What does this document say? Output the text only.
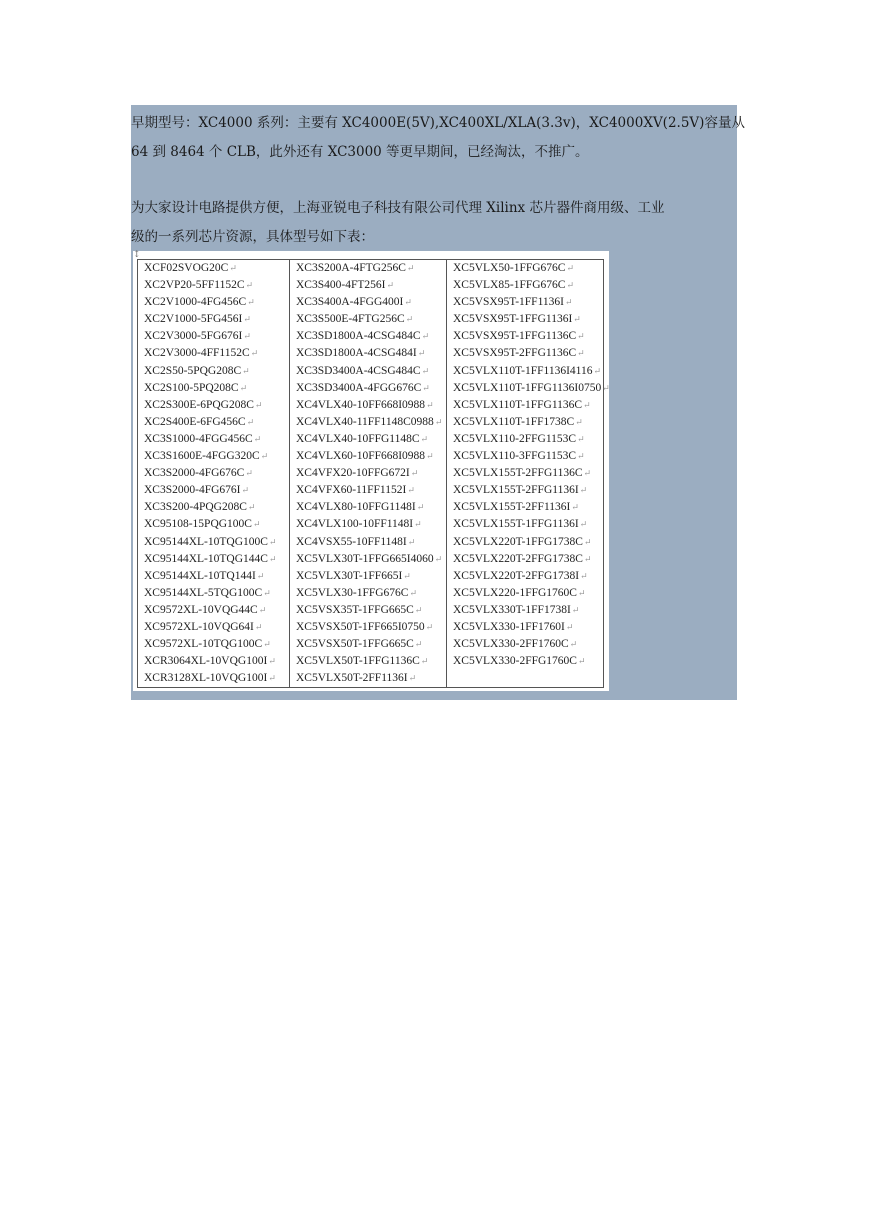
早期型号：XC4000 系列：主要有 XC4000E(5V),XC400XL/XLA(3.3v)，XC4000XV(2.5V)容量从
64 到 8464 个 CLB，此外还有 XC3000 等更早期间，已经淘汰，不推广。

为大家设计电路提供方便，上海亚锐电子科技有限公司代理 Xilinx 芯片器件商用级、工业
级的一系列芯片资源，具体型号如下表：

↕
XCF02SVOG20C↵	XC3S200A-4FTG256C↵	XC5VLX50-1FFG676C↵
XC2VP20-5FF1152C↵	XC3S400-4FT256I↵	XC5VLX85-1FFG676C↵
XC2V1000-4FG456C↵	XC3S400A-4FGG400I↵	XC5VSX95T-1FF1136I↵
XC2V1000-5FG456I↵	XC3S500E-4FTG256C↵	XC5VSX95T-1FFG1136I↵
XC2V3000-5FG676I↵	XC3SD1800A-4CSG484C↵	XC5VSX95T-1FFG1136C↵
XC2V3000-4FF1152C↵	XC3SD1800A-4CSG484I↵	XC5VSX95T-2FFG1136C↵
XC2S50-5PQG208C↵	XC3SD3400A-4CSG484C↵	XC5VLX110T-1FF1136I4116↵
XC2S100-5PQ208C↵	XC3SD3400A-4FGG676C↵	XC5VLX110T-1FFG1136I0750↵
XC2S300E-6PQG208C↵	XC4VLX40-10FF668I0988↵	XC5VLX110T-1FFG1136C↵
XC2S400E-6FG456C↵	XC4VLX40-11FF1148C0988↵	XC5VLX110T-1FF1738C↵
XC3S1000-4FGG456C↵	XC4VLX40-10FFG1148C↵	XC5VLX110-2FFG1153C↵
XC3S1600E-4FGG320C↵	XC4VLX60-10FF668I0988↵	XC5VLX110-3FFG1153C↵
XC3S2000-4FG676C↵	XC4VFX20-10FFG672I↵	XC5VLX155T-2FFG1136C↵
XC3S2000-4FG676I↵	XC4VFX60-11FF1152I↵	XC5VLX155T-2FFG1136I↵
XC3S200-4PQG208C↵	XC4VLX80-10FFG1148I↵	XC5VLX155T-2FF1136I↵
XC95108-15PQG100C↵	XC4VLX100-10FF1148I↵	XC5VLX155T-1FFG1136I↵
XC95144XL-10TQG100C↵	XC4VSX55-10FF1148I↵	XC5VLX220T-1FFG1738C↵
XC95144XL-10TQG144C↵	XC5VLX30T-1FFG665I4060↵	XC5VLX220T-2FFG1738C↵
XC95144XL-10TQ144I↵	XC5VLX30T-1FF665I↵	XC5VLX220T-2FFG1738I↵
XC95144XL-5TQG100C↵	XC5VLX30-1FFG676C↵	XC5VLX220-1FFG1760C↵
XC9572XL-10VQG44C↵	XC5VSX35T-1FFG665C↵	XC5VLX330T-1FF1738I↵
XC9572XL-10VQG64I↵	XC5VSX50T-1FF665I0750↵	XC5VLX330-1FF1760I↵
XC9572XL-10TQG100C↵	XC5VSX50T-1FFG665C↵	XC5VLX330-2FF1760C↵
XCR3064XL-10VQG100I↵	XC5VLX50T-1FFG1136C↵	XC5VLX330-2FFG1760C↵
XCR3128XL-10VQG100I↵	XC5VLX50T-2FF1136I↵	
